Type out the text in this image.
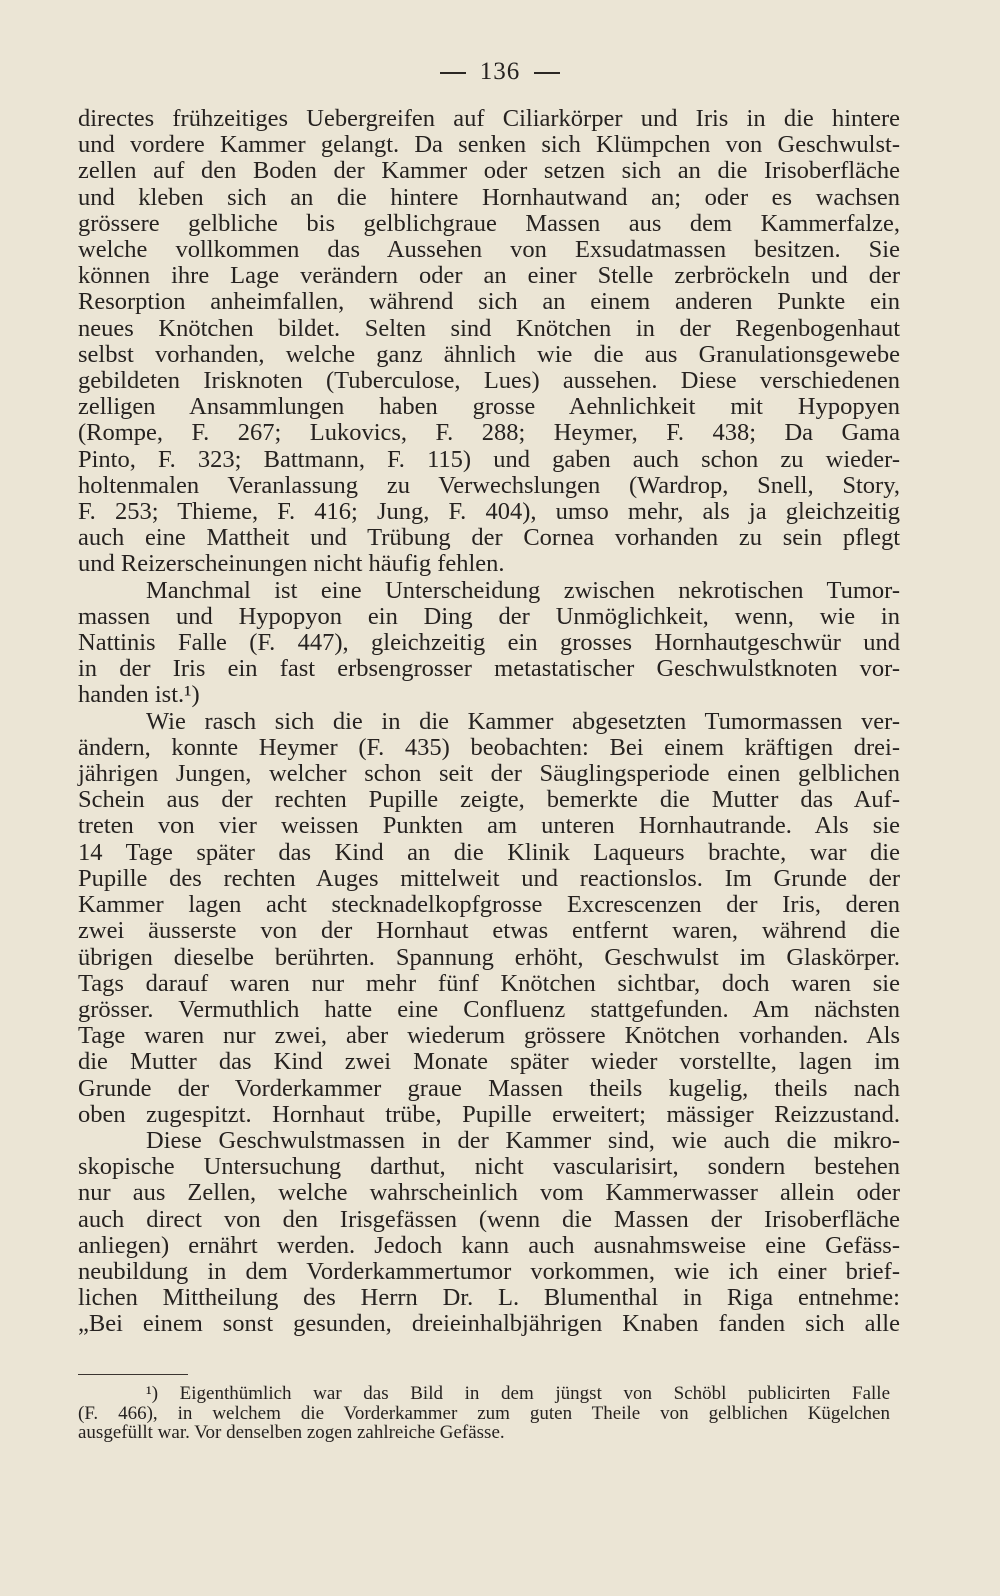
136
directes frühzeitiges Uebergreifen auf Ciliarkörper und Iris in die hintere
und vordere Kammer gelangt. Da senken sich Klümpchen von Geschwulst-
zellen auf den Boden der Kammer oder setzen sich an die Irisoberfläche
und kleben sich an die hintere Hornhautwand an; oder es wachsen
grössere gelbliche bis gelblichgraue Massen aus dem Kammerfalze,
welche vollkommen das Aussehen von Exsudatmassen besitzen. Sie
können ihre Lage verändern oder an einer Stelle zerbröckeln und der
Resorption anheimfallen, während sich an einem anderen Punkte ein
neues Knötchen bildet. Selten sind Knötchen in der Regenbogenhaut
selbst vorhanden, welche ganz ähnlich wie die aus Granulationsgewebe
gebildeten Irisknoten (Tuberculose, Lues) aussehen. Diese verschiedenen
zelligen Ansammlungen haben grosse Aehnlichkeit mit Hypopyen
(Rompe, F. 267; Lukovics, F. 288; Heymer, F. 438; Da Gama
Pinto, F. 323; Battmann, F. 115) und gaben auch schon zu wieder-
holtenmalen Veranlassung zu Verwechslungen (Wardrop, Snell, Story,
F. 253; Thieme, F. 416; Jung, F. 404), umso mehr, als ja gleichzeitig
auch eine Mattheit und Trübung der Cornea vorhanden zu sein pflegt
und Reizerscheinungen nicht häufig fehlen.
Manchmal ist eine Unterscheidung zwischen nekrotischen Tumor-
massen und Hypopyon ein Ding der Unmöglichkeit, wenn, wie in
Nattinis Falle (F. 447), gleichzeitig ein grosses Hornhautgeschwür und
in der Iris ein fast erbsengrosser metastatischer Geschwulstknoten vor-
handen ist.¹)
Wie rasch sich die in die Kammer abgesetzten Tumormassen ver-
ändern, konnte Heymer (F. 435) beobachten: Bei einem kräftigen drei-
jährigen Jungen, welcher schon seit der Säuglingsperiode einen gelblichen
Schein aus der rechten Pupille zeigte, bemerkte die Mutter das Auf-
treten von vier weissen Punkten am unteren Hornhautrande. Als sie
14 Tage später das Kind an die Klinik Laqueurs brachte, war die
Pupille des rechten Auges mittelweit und reactionslos. Im Grunde der
Kammer lagen acht stecknadelkopfgrosse Excrescenzen der Iris, deren
zwei äusserste von der Hornhaut etwas entfernt waren, während die
übrigen dieselbe berührten. Spannung erhöht, Geschwulst im Glaskörper.
Tags darauf waren nur mehr fünf Knötchen sichtbar, doch waren sie
grösser. Vermuthlich hatte eine Confluenz stattgefunden. Am nächsten
Tage waren nur zwei, aber wiederum grössere Knötchen vorhanden. Als
die Mutter das Kind zwei Monate später wieder vorstellte, lagen im
Grunde der Vorderkammer graue Massen theils kugelig, theils nach
oben zugespitzt. Hornhaut trübe, Pupille erweitert; mässiger Reizzustand.
Diese Geschwulstmassen in der Kammer sind, wie auch die mikro-
skopische Untersuchung darthut, nicht vascularisirt, sondern bestehen
nur aus Zellen, welche wahrscheinlich vom Kammerwasser allein oder
auch direct von den Irisgefässen (wenn die Massen der Irisoberfläche
anliegen) ernährt werden. Jedoch kann auch ausnahmsweise eine Gefäss-
neubildung in dem Vorderkammertumor vorkommen, wie ich einer brief-
lichen Mittheilung des Herrn Dr. L. Blumenthal in Riga entnehme:
„Bei einem sonst gesunden, dreieinhalbjährigen Knaben fanden sich alle
¹) Eigenthümlich war das Bild in dem jüngst von Schöbl publicirten Falle
(F. 466), in welchem die Vorderkammer zum guten Theile von gelblichen Kügelchen
ausgefüllt war. Vor denselben zogen zahlreiche Gefässe.
